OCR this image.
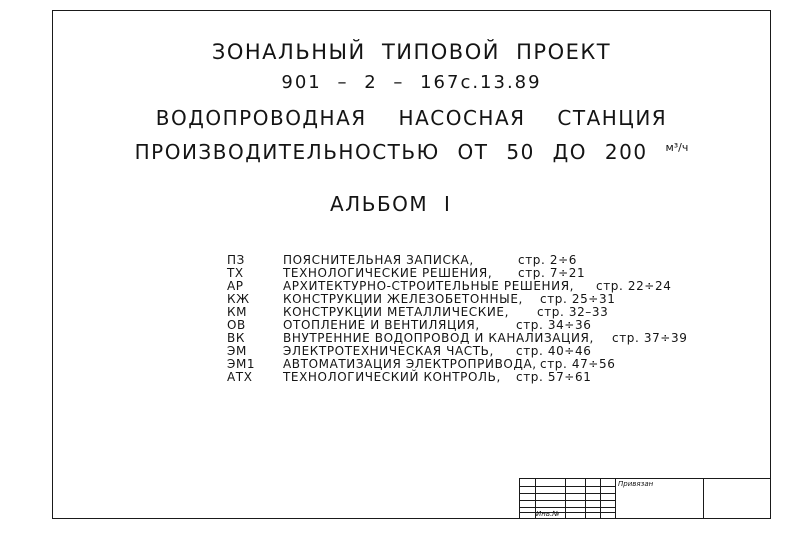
ЗОНАЛЬНЫЙ ТИПОВОЙ ПРОЕКТ
901 – 2 – 167с.13.89
ВОДОПРОВОДНАЯ НАСОСНАЯ СТАНЦИЯ
ПРОИЗВОДИТЕЛЬНОСТЬЮ ОТ 50 ДО 200 $^{м^3/ч}$
АЛЬБОМ I
ПЗ	ПОЯСНИТЕЛЬНАЯ ЗАПИСКА,	стр. 2÷6
ТХ	ТЕХНОЛОГИЧЕСКИЕ РЕШЕНИЯ, стр. 7÷21
АР	АРХИТЕКТУРНО-СТРОИТЕЛЬНЫЕ РЕШЕНИЯ, стр. 22÷24
КЖ	КОНСТРУКЦИИ ЖЕЛЕЗОБЕТОННЫЕ, стр. 25÷31
КМ	КОНСТРУКЦИИ МЕТАЛЛИЧЕСКИЕ, стр. 32–33
ОВ	ОТОПЛЕНИЕ И ВЕНТИЛЯЦИЯ,	стр. 34÷36
ВК	ВНУТРЕННИЕ ВОДОПРОВОД И КАНАЛИЗАЦИЯ, стр. 37÷39
ЭМ	ЭЛЕКТРОТЕХНИЧЕСКАЯ ЧАСТЬ, стр. 40÷46
ЭМ1 АВТОМАТИЗАЦИЯ ЭЛЕКТРОПРИВОДА, стр. 47÷56
АТХ	ТЕХНОЛОГИЧЕСКИЙ КОНТРОЛЬ, стр. 57÷61
Привязан
Инв.№
